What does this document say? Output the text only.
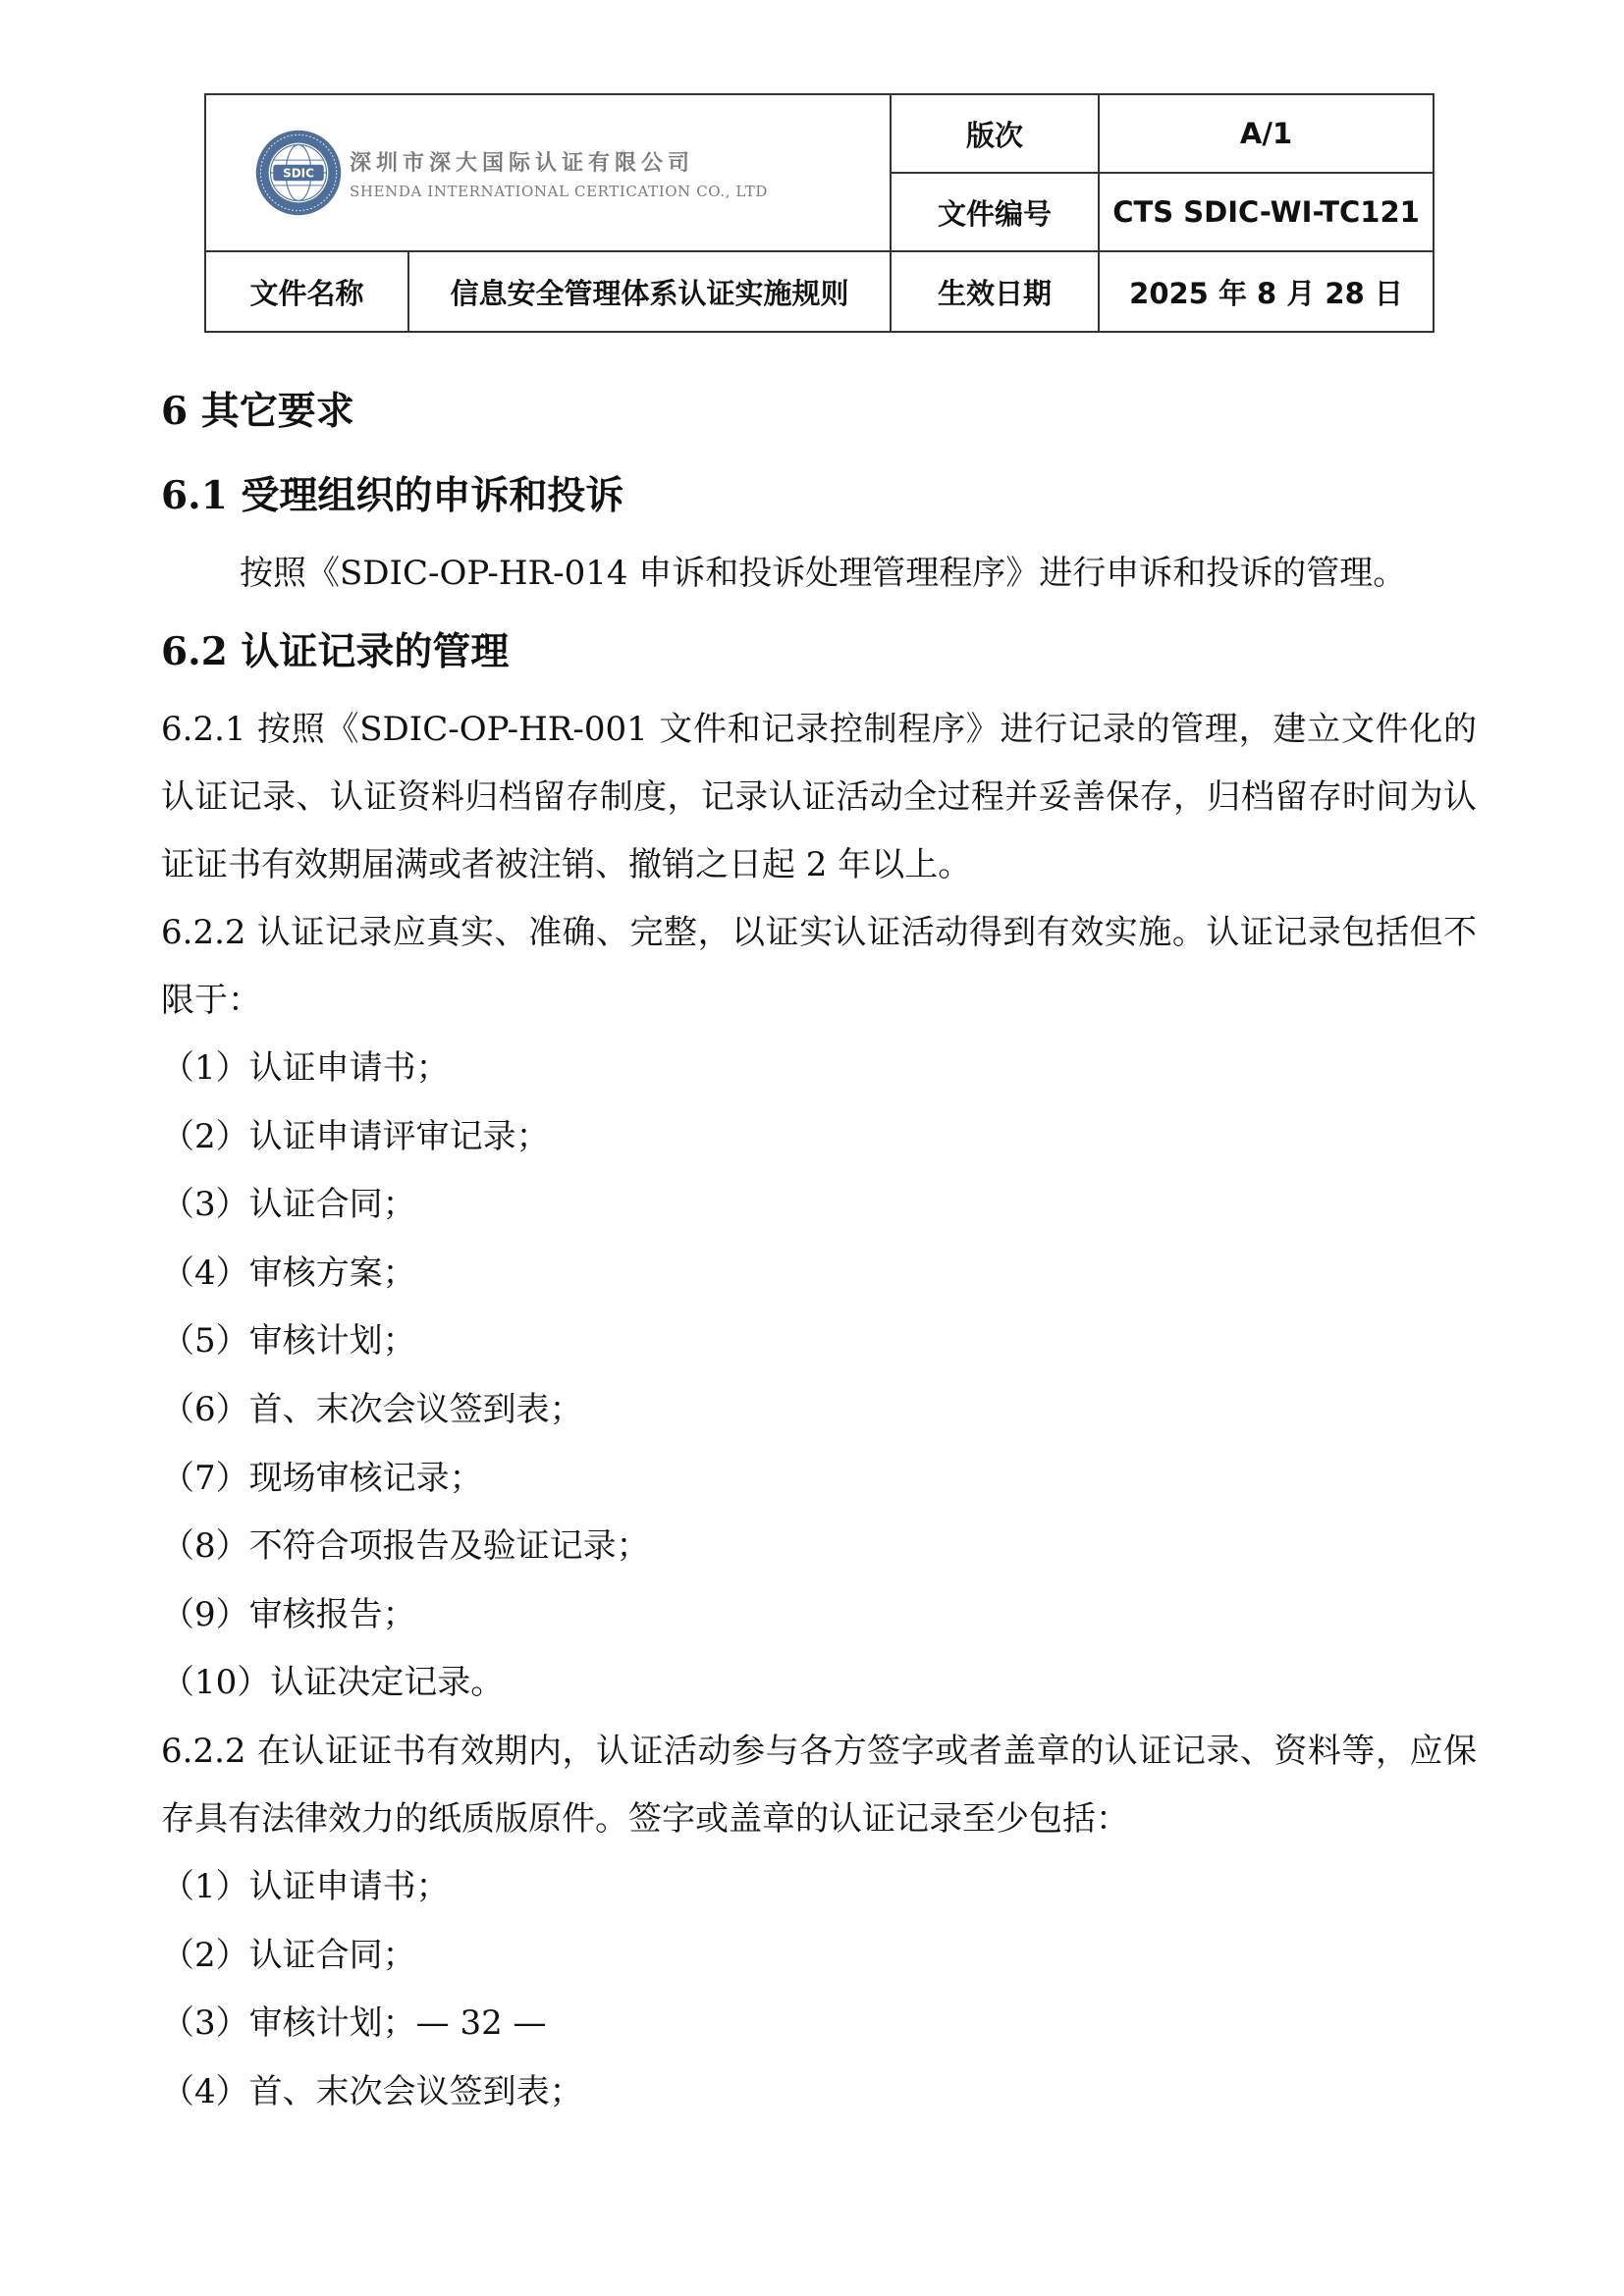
SDIC 深圳市深大国际认证有限公司
SHENDA INTERNATIONAL CERTICATION CO., LTD		版次	A/1
		文件编号	CTS SDIC-WI-TC121
文件名称	信息安全管理体系认证实施规则	生效日期	2025 年 8 月 28 日

6 其它要求

6.1 受理组织的申诉和投诉

按照《SDIC-OP-HR-014 申诉和投诉处理管理程序》进行申诉和投诉的管理。

6.2 认证记录的管理

6.2.1 按照《SDIC-OP-HR-001 文件和记录控制程序》进行记录的管理，建立文件化的认证记录、认证资料归档留存制度，记录认证活动全过程并妥善保存，归档留存时间为认证证书有效期届满或者被注销、撤销之日起 2 年以上。

6.2.2 认证记录应真实、准确、完整，以证实认证活动得到有效实施。认证记录包括但不限于：

（1）认证申请书；

（2）认证申请评审记录；

（3）认证合同；

（4）审核方案；

（5）审核计划；

（6）首、末次会议签到表；

（7）现场审核记录；

（8）不符合项报告及验证记录；

（9）审核报告；

（10）认证决定记录。

6.2.2 在认证证书有效期内，认证活动参与各方签字或者盖章的认证记录、资料等，应保存具有法律效力的纸质版原件。签字或盖章的认证记录至少包括：

（1）认证申请书；

（2）认证合同；

（3）审核计划；— 32 —

（4）首、末次会议签到表；
